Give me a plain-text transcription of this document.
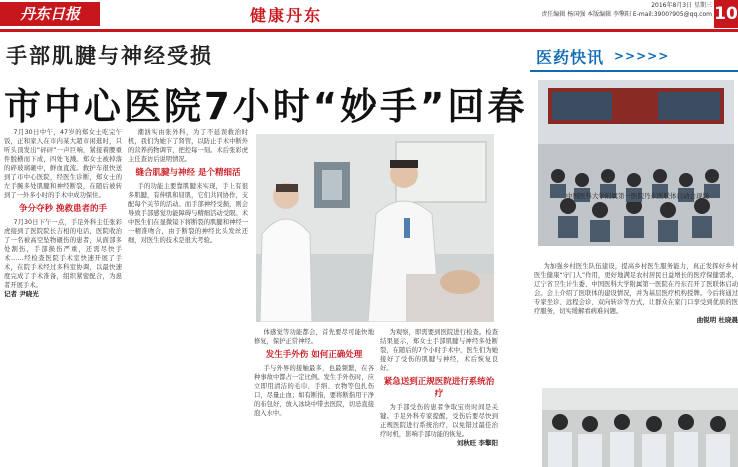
丹东日报	健康丹东
2016年8月3日 星期三
责任编辑 杨国强 本版编辑 李擎阳 E-mail:3900?905@qq.com 10
手部肌腱与神经受损
市中心医院7小时“妙手”回春

7月30日中午，47岁的郑女士吃完午饭，正和家人在市内某大超市闲逛时，只听头顶发出“砰砰”一声巨响，紧接着腰重件脱横而下成，四处飞溅。郑女士被掉落的碎玻璃砸中，鲜血直流。救护车很快送到了市中心医院，经医生诊断，郑女士的左手腕多处肌腱和神经断裂，在随后被转到了一外多小时的手术中成功保住。

争分夺秒 挽救患者的手

7月30日下午一点，手足外科主任张彩虎接到了医院院长吉相的电话，医院收治了一名被高空坠物砸伤的患者，从面部多处割伤，手部损伤严重，还需尽快手术……经检查医院手术室快速开展了手术，在院手术经过多科室协调，以最快速度完成了手术准备，组织紧密配合，为患者开展手术。

记者 尹晓光

潮汹实由张外科，为了不延误救治时机，我们为她下了肾管，以防止手术中断外的营养药物调节，把控每一刻。术后张彩虎主任查访后说明情况。

缝合肌腱与神经 是个精细活

手的功能主要靠肌腱来实现，手上有很多肌腱，有伸肌和屈肌，它们共同协作，支配每个关节的活动。而手部神经受损，则会导致手部感觉功能障碍与精细活动受限。术中医生们在显微镜下将断裂的肌腱和神经一一精准吻合，由于断裂的神经比头发丝还细，对医生的技术是很大考验。

体感觉等功能都会，首先要尽可能快地修复，保护正常神经。

发生手外伤 如何正确处理

手与外界的接触最多，也最频繁，在各种事故中都占一定比例。发生手外伤时，应立即用清洁的毛巾、手绢、衣物等包扎伤口，尽量止血；如有断指，要将断指用干净的布包好，放入冰块中带去医院，切忌直接泡入水中。

为观察，即需要到医院进行检查。检查结果显示，郑女士手部肌腱与神经多处断裂，在随后的7个小时手术中，医生们为她接好了受伤的肌腱与神经，术后恢复良好。

紧急送到正规医院进行系统治疗

为手部受伤的患者争取宝贵时间是关键。手足外科专家提醒，受伤后要尽快到正规医院进行系统治疗，以免错过最佳治疗时机，影响手部功能的恢复。

刘秋旺 李擎阳

医药快讯 >>>>>
中国医科大学附属第一医院丹东医联体启动会现场

为加强乡村医生队伍建设，提高乡村医生服务能力，真正发挥好乡村医生健康“守门人”作用，更好地满足农村居民日益增长的医疗保健需求，辽宁省卫生计生委、中国医科大学附属第一医院在丹东召开了医联体启动会。会上介绍了医联体的建设情况，并为基层医疗机构授牌。今后将通过专家坐诊、远程会诊、双向转诊等方式，让群众在家门口享受到优质的医疗服务，切实缓解看病难问题。

曲锐明 杜晓晨
